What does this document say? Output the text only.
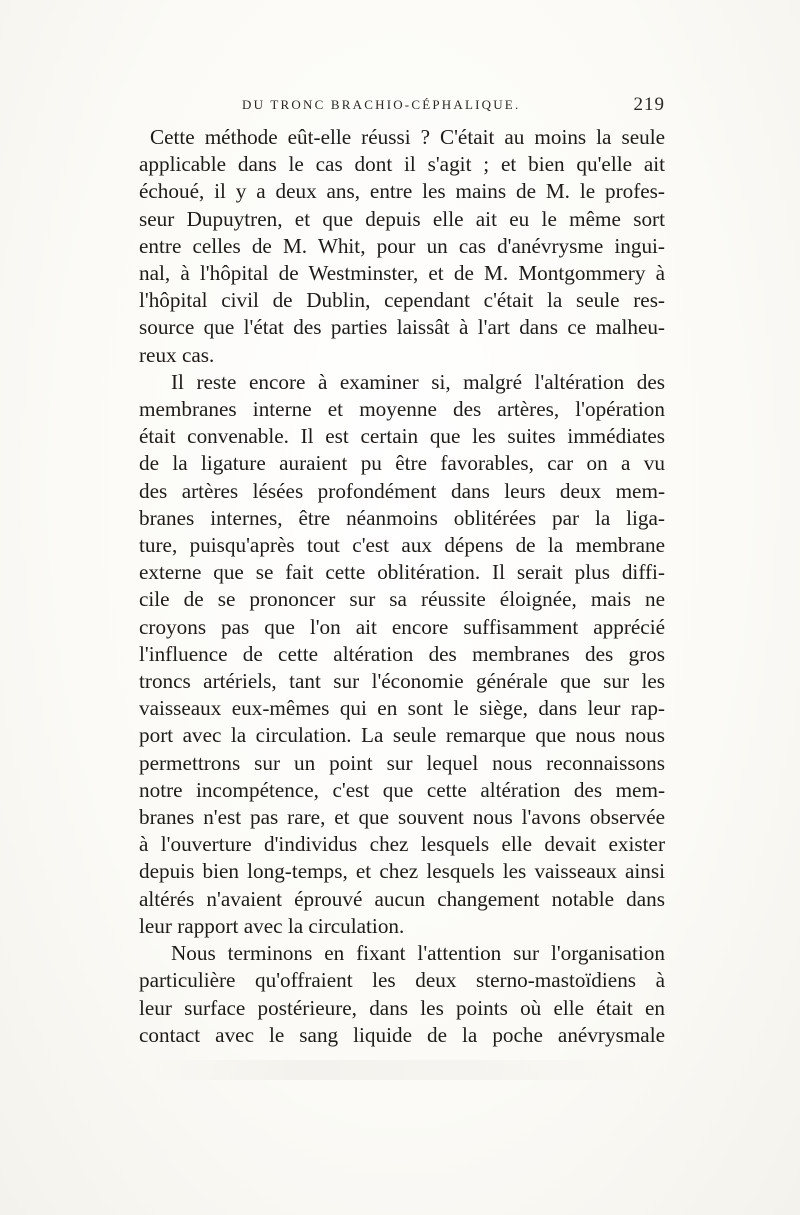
DU TRONC BRACHIO-CÉPHALIQUE.	219

Cette méthode eût-elle réussi ? C'était au moins la seule
applicable dans le cas dont il s'agit ; et bien qu'elle ait
échoué, il y a deux ans, entre les mains de M. le profes-
seur Dupuytren, et que depuis elle ait eu le même sort
entre celles de M. Whit, pour un cas d'anévrysme ingui-
nal, à l'hôpital de Westminster, et de M. Montgommery à
l'hôpital civil de Dublin, cependant c'était la seule res-
source que l'état des parties laissât à l'art dans ce malheu-
reux cas.

Il reste encore à examiner si, malgré l'altération des
membranes interne et moyenne des artères, l'opération
était convenable. Il est certain que les suites immédiates
de la ligature auraient pu être favorables, car on a vu
des artères lésées profondément dans leurs deux mem-
branes internes, être néanmoins oblitérées par la liga-
ture, puisqu'après tout c'est aux dépens de la membrane
externe que se fait cette oblitération. Il serait plus diffi-
cile de se prononcer sur sa réussite éloignée, mais ne
croyons pas que l'on ait encore suffisamment apprécié
l'influence de cette altération des membranes des gros
troncs artériels, tant sur l'économie générale que sur les
vaisseaux eux-mêmes qui en sont le siège, dans leur rap-
port avec la circulation. La seule remarque que nous nous
permettrons sur un point sur lequel nous reconnaissons
notre incompétence, c'est que cette altération des mem-
branes n'est pas rare, et que souvent nous l'avons observée
à l'ouverture d'individus chez lesquels elle devait exister
depuis bien long-temps, et chez lesquels les vaisseaux ainsi
altérés n'avaient éprouvé aucun changement notable dans
leur rapport avec la circulation.

Nous terminons en fixant l'attention sur l'organisation
particulière qu'offraient les deux sterno-mastoïdiens à
leur surface postérieure, dans les points où elle était en
contact avec le sang liquide de la poche anévrysmale
